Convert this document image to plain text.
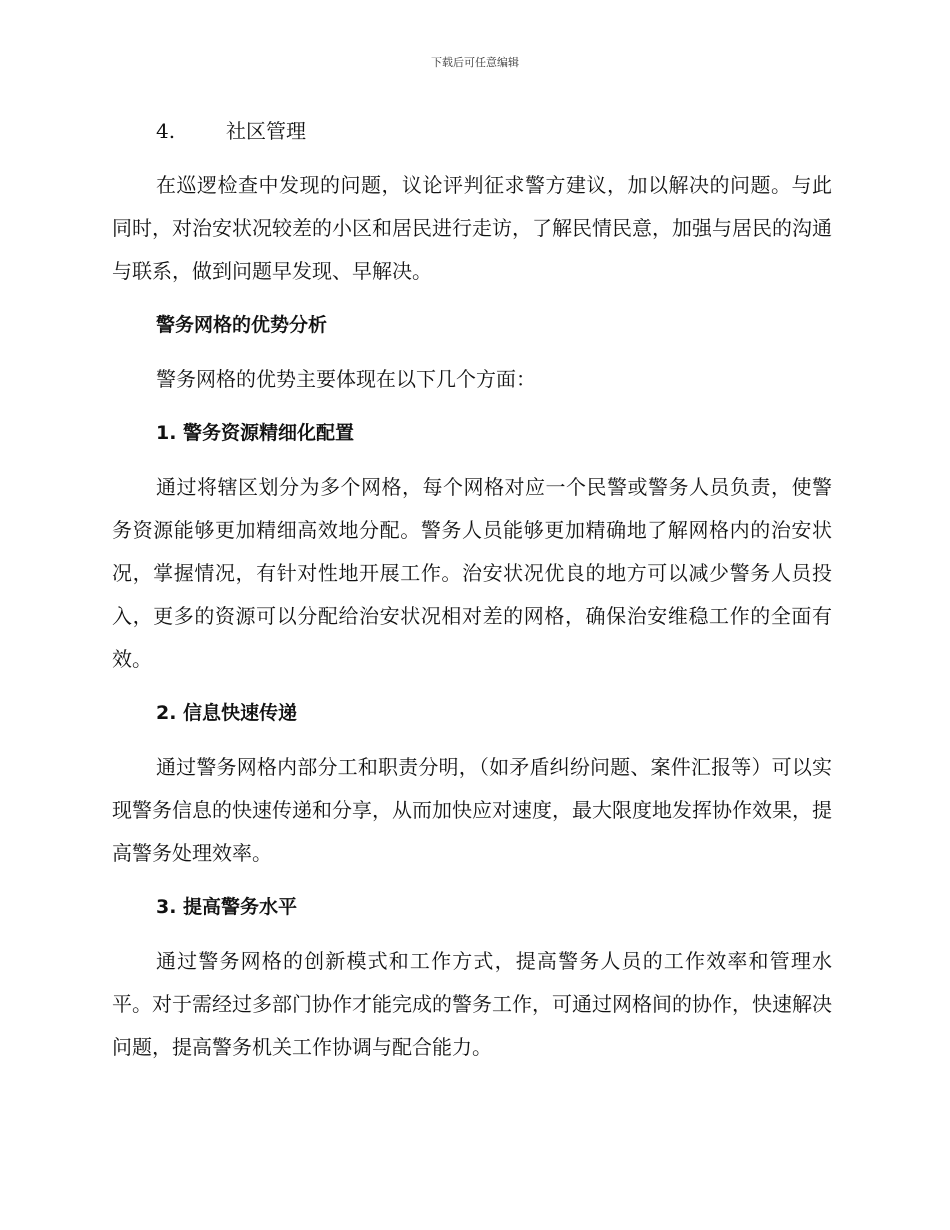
下载后可任意编辑
4.	社区管理

在巡逻检查中发现的问题，议论评判征求警方建议，加以解决的问题。与此同时，对治安状况较差的小区和居民进行走访，了解民情民意，加强与居民的沟通与联系，做到问题早发现、早解决。

警务网格的优势分析

警务网格的优势主要体现在以下几个方面：

1. 警务资源精细化配置

通过将辖区划分为多个网格，每个网格对应一个民警或警务人员负责，使警务资源能够更加精细高效地分配。警务人员能够更加精确地了解网格内的治安状况，掌握情况，有针对性地开展工作。治安状况优良的地方可以减少警务人员投入，更多的资源可以分配给治安状况相对差的网格，确保治安维稳工作的全面有效。

2. 信息快速传递

通过警务网格内部分工和职责分明，（如矛盾纠纷问题、案件汇报等）可以实现警务信息的快速传递和分享，从而加快应对速度，最大限度地发挥协作效果，提高警务处理效率。

3. 提高警务水平

通过警务网格的创新模式和工作方式，提高警务人员的工作效率和管理水平。对于需经过多部门协作才能完成的警务工作，可通过网格间的协作，快速解决问题，提高警务机关工作协调与配合能力。
